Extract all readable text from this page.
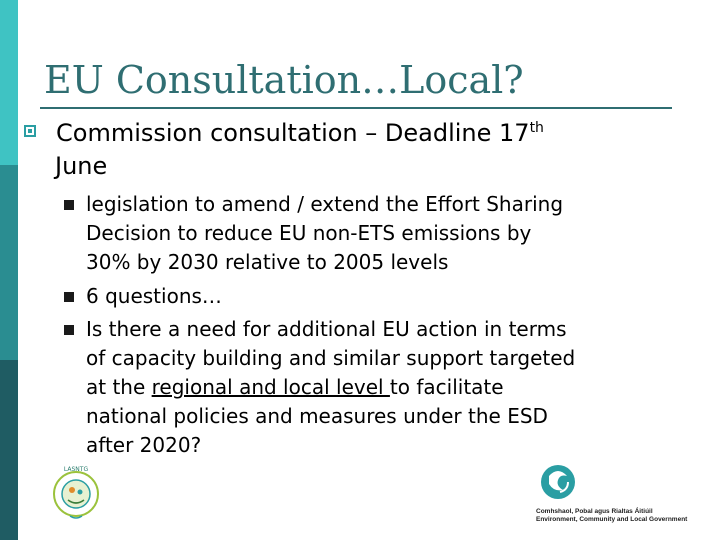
EU Consultation…Local?
Commission consultation – Deadline 17th
June
legislation to amend / extend the Effort Sharing
Decision to reduce EU non-ETS emissions by
30% by 2030 relative to 2005 levels
6 questions…
Is there a need for additional EU action in terms
of capacity building and similar support targeted
at the regional and local level to facilitate
national policies and measures under the ESD
after 2020?
LASNTG
Comhshaol, Pobal agus Rialtas Áitiúil
Environment, Community and Local Government
